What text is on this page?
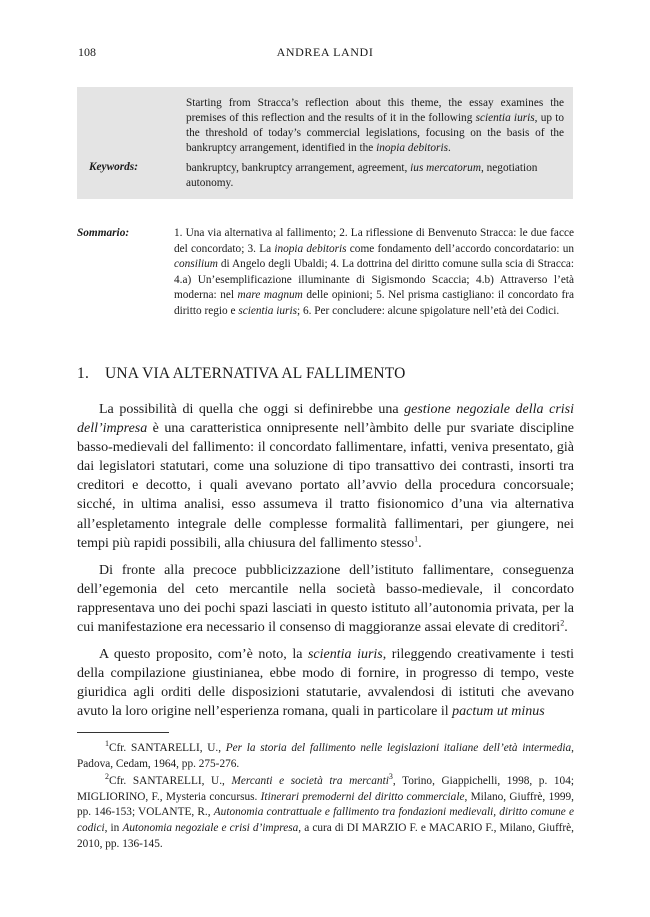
108	ANDREA LANDI
Starting from Stracca’s reflection about this theme, the essay examines the premises of this reflection and the results of it in the following scientia iuris, up to the threshold of today’s commercial legislations, focusing on the basis of the bankruptcy arrangement, identified in the inopia debitoris.
Keywords:	bankruptcy, bankruptcy arrangement, agreement, ius mercatorum, negotiation autonomy.
Sommario:	1. Una via alternativa al fallimento; 2. La riflessione di Benvenuto Stracca: le due facce del concordato; 3. La inopia debitoris come fondamento dell’accordo concordatario: un consilium di Angelo degli Ubaldi; 4. La dottrina del diritto comune sulla scia di Stracca: 4.a) Un’esemplificazione illuminante di Sigismondo Scaccia; 4.b) Attraverso l’età moderna: nel mare magnum delle opinioni; 5. Nel prisma castigliano: il concordato fra diritto regio e scientia iuris; 6. Per concludere: alcune spigolature nell’età dei Codici.
1. UNA VIA ALTERNATIVA AL FALLIMENTO

La possibilità di quella che oggi si definirebbe una gestione negoziale della crisi dell’impresa è una caratteristica onnipresente nell’àmbito delle pur svariate discipline basso-medievali del fallimento: il concordato fallimentare, infatti, veniva presentato, già dai legislatori statutari, come una soluzione di tipo transattivo dei contrasti, insorti tra creditori e decotto, i quali avevano portato all’avvio della procedura concorsuale; sicché, in ultima analisi, esso assumeva il tratto fisionomico d’una via alternativa all’espletamento integrale delle complesse formalità fallimentari, per giungere, nei tempi più rapidi possibili, alla chiusura del fallimento stesso$^1$.

Di fronte alla precoce pubblicizzazione dell’istituto fallimentare, conseguenza dell’egemonia del ceto mercantile nella società basso-medievale, il concordato rappresentava uno dei pochi spazi lasciati in questo istituto all’autonomia privata, per la cui manifestazione era necessario il consenso di maggioranze assai elevate di creditori$^2$.

A questo proposito, com’è noto, la scientia iuris, rileggendo creativamente i testi della compilazione giustinianea, ebbe modo di fornire, in progresso di tempo, veste giuridica agli orditi delle disposizioni statutarie, avvalendosi di istituti che avevano avuto la loro origine nell’esperienza romana, quali in particolare il pactum ut minus

1Cfr. SANTARELLI, U., Per la storia del fallimento nelle legislazioni italiane dell’età intermedia, Padova, Cedam, 1964, pp. 275-276.

2Cfr. SANTARELLI, U., Mercanti e società tra mercanti$^3$, Torino, Giappichelli, 1998, p. 104; MIGLIORINO, F., Mysteria concursus. Itinerari premoderni del diritto commerciale, Milano, Giuffrè, 1999, pp. 146-153; VOLANTE, R., Autonomia contrattuale e fallimento tra fondazioni medievali, diritto comune e codici, in Autonomia negoziale e crisi d’impresa, a cura di DI MARZIO F. e MACARIO F., Milano, Giuffrè, 2010, pp. 136-145.
